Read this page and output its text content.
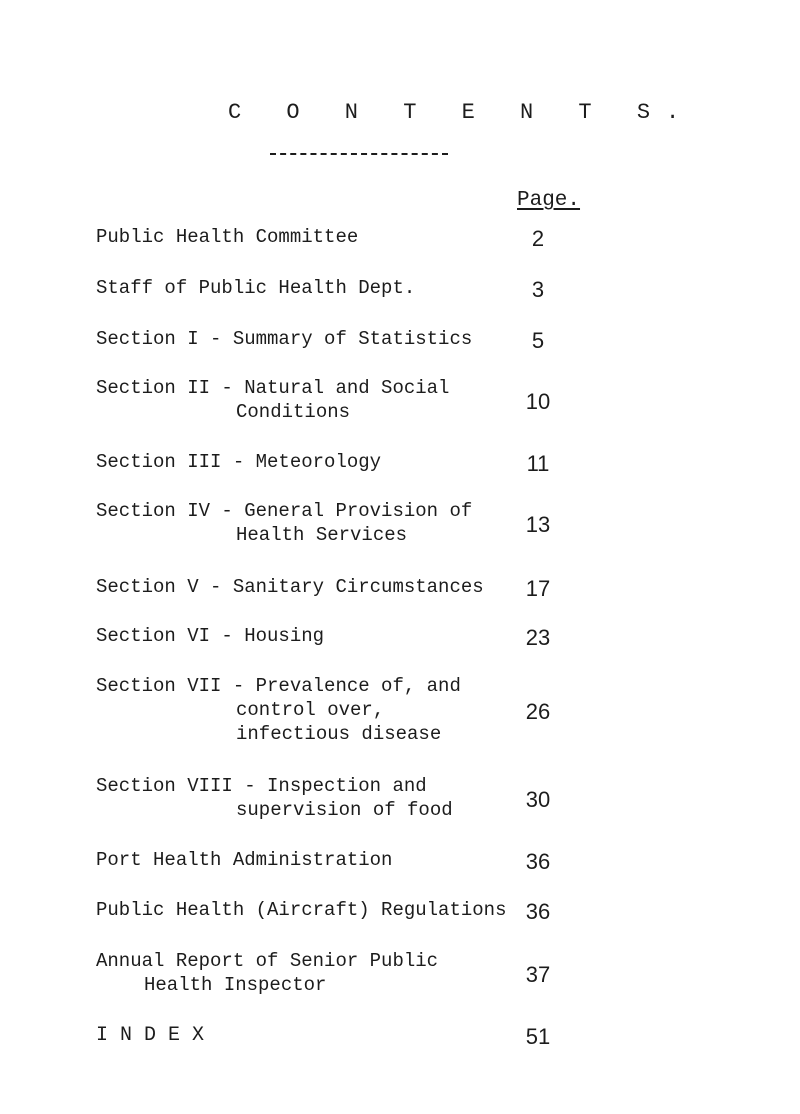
C O N T E N T S.
Page.
Public Health Committee	2
Staff of Public Health Dept.	3
Section I - Summary of Statistics	5
Section II - Natural and Social
Conditions	10
Section III - Meteorology	11
Section IV - General Provision of
Health Services	13
Section V - Sanitary Circumstances	17
Section VI - Housing	23
Section VII - Prevalence of, and
control over,
infectious disease
26
Section VIII - Inspection and
supervision of food	30
Port Health Administration	36
Public Health (Aircraft) Regulations 36
Annual Report of Senior Public
Health Inspector	37
INDEX	51
